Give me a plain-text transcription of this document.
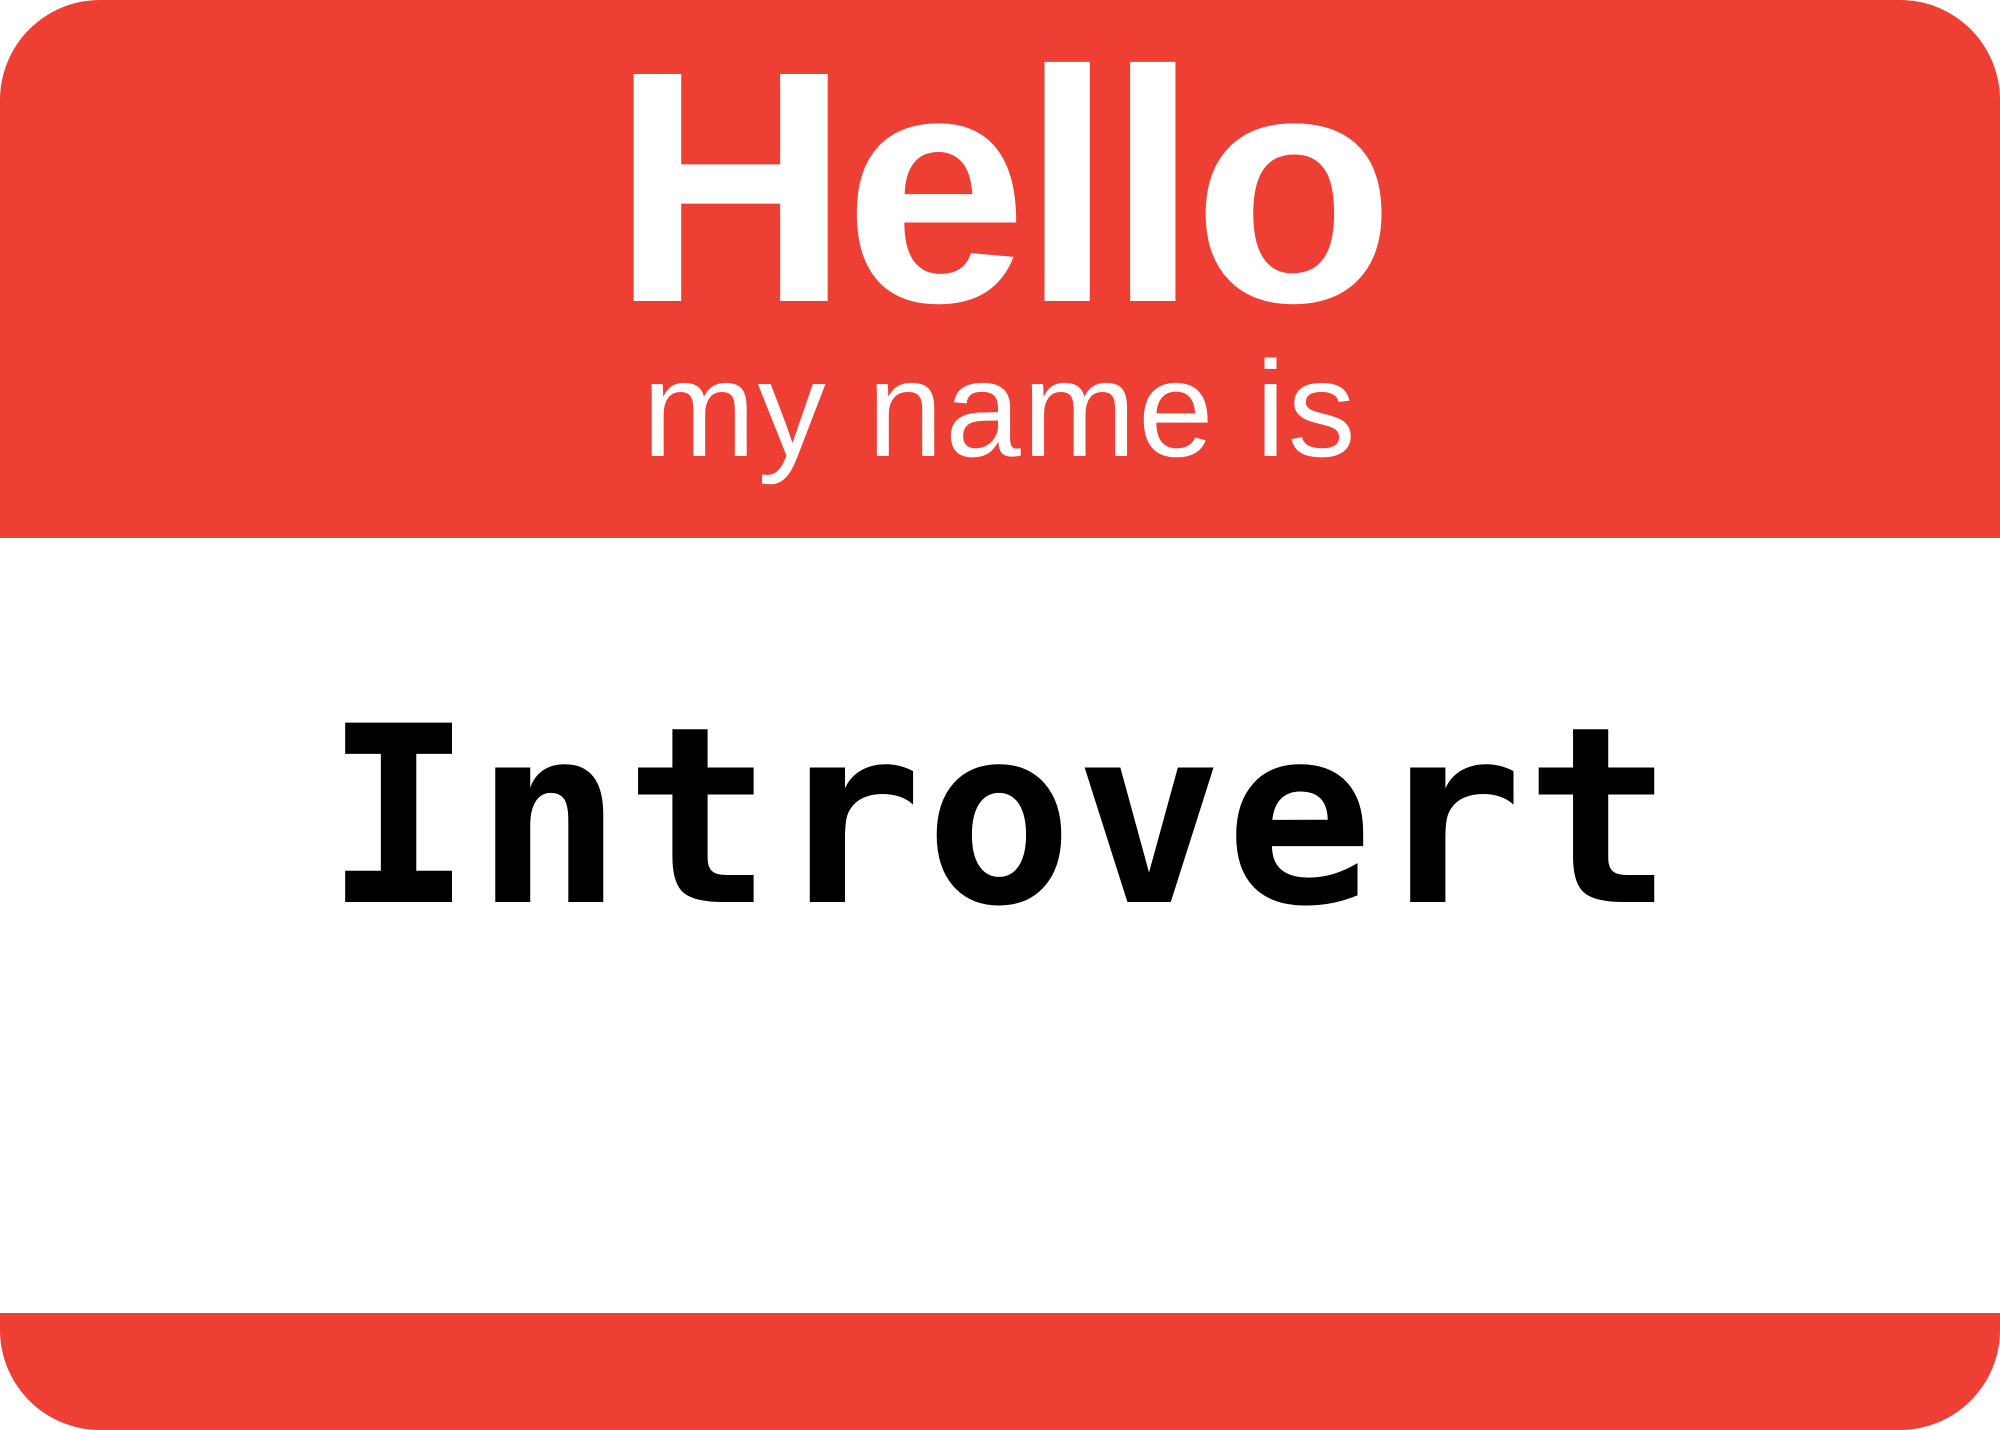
Hello

my name is

Introvert
